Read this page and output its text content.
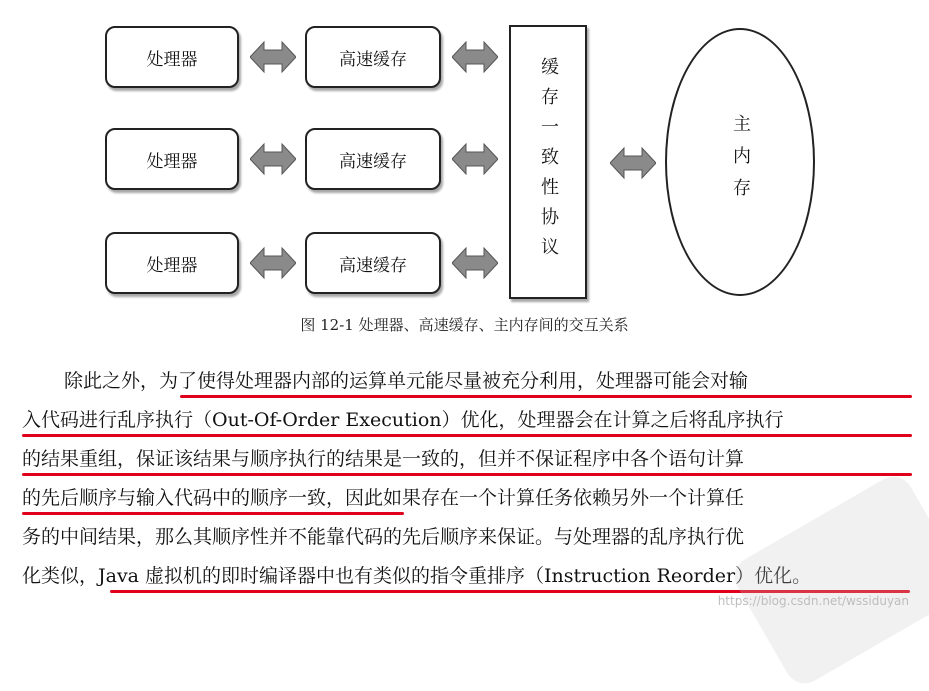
处理器
处理器
处理器
高速缓存
高速缓存
高速缓存	缓存一致性协议	主内存
图 12-1 处理器、高速缓存、主内存间的交互关系
除此之外，为了使得处理器内部的运算单元能尽量被充分利用，处理器可能会对输
入代码进行乱序执行（Out-Of-Order Execution）优化，处理器会在计算之后将乱序执行
的结果重组，保证该结果与顺序执行的结果是一致的，但并不保证程序中各个语句计算
的先后顺序与输入代码中的顺序一致，因此如果存在一个计算任务依赖另外一个计算任
务的中间结果，那么其顺序性并不能靠代码的先后顺序来保证。与处理器的乱序执行优
化类似，Java 虚拟机的即时编译器中也有类似的指令重排序（Instruction Reorder）优化。
https://blog.csdn.net/wssiduyan
